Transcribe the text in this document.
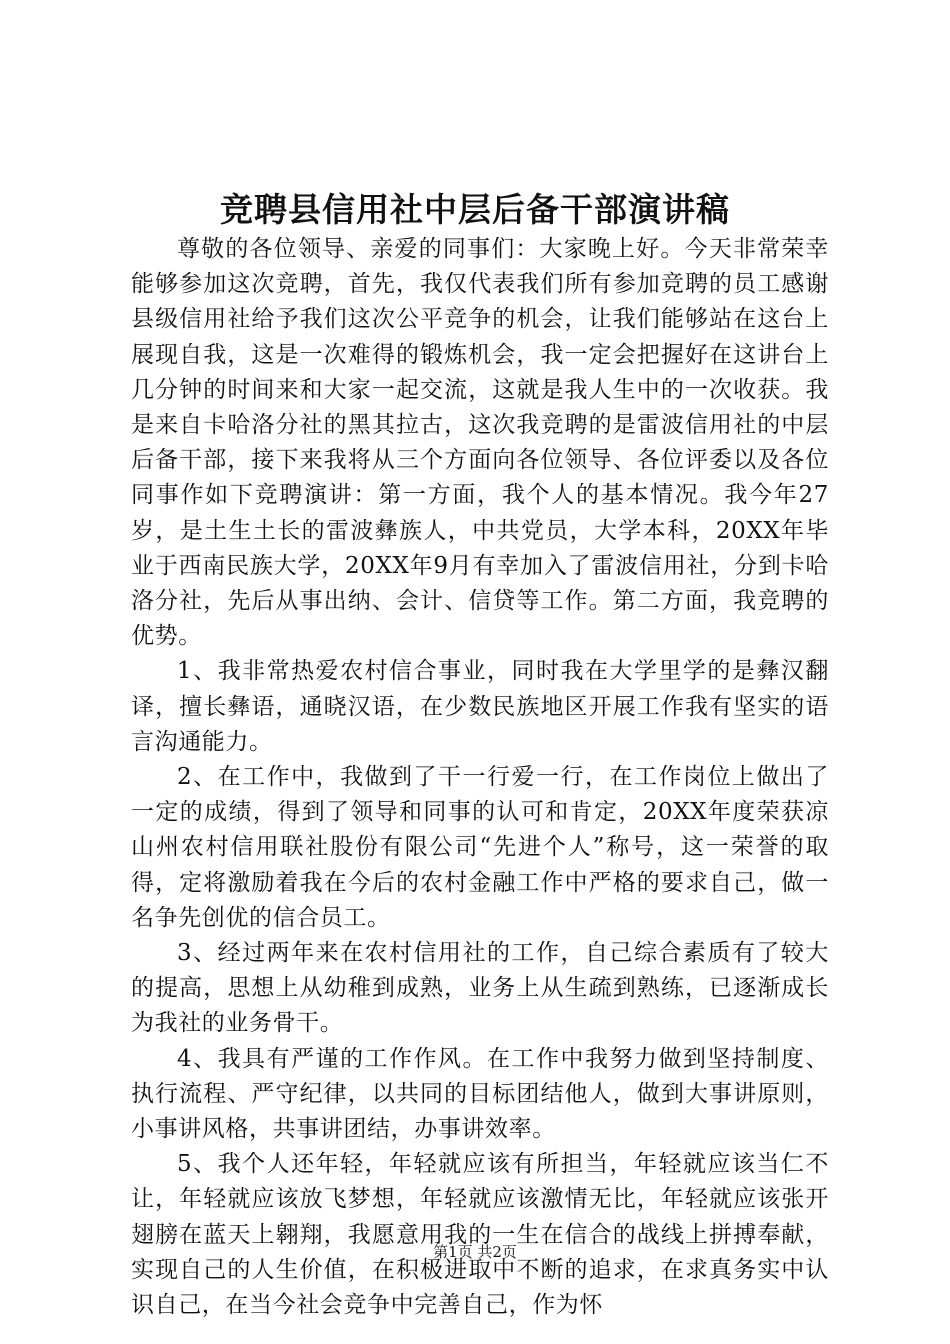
竞聘县信用社中层后备干部演讲稿

尊敬的各位领导、亲爱的同事们：大家晚上好。今天非常荣幸能够参加这次竞聘，首先，我仅代表我们所有参加竞聘的员工感谢县级信用社给予我们这次公平竞争的机会，让我们能够站在这台上展现自我，这是一次难得的锻炼机会，我一定会把握好在这讲台上几分钟的时间来和大家一起交流，这就是我人生中的一次收获。我是来自卡哈洛分社的黑其拉古，这次我竞聘的是雷波信用社的中层后备干部，接下来我将从三个方面向各位领导、各位评委以及各位同事作如下竞聘演讲：第一方面，我个人的基本情况。我今年27岁，是土生土长的雷波彝族人，中共党员，大学本科，20XX年毕业于西南民族大学，20XX年9月有幸加入了雷波信用社，分到卡哈洛分社，先后从事出纳、会计、信贷等工作。第二方面，我竞聘的优势。

1、我非常热爱农村信合事业，同时我在大学里学的是彝汉翻译，擅长彝语，通晓汉语，在少数民族地区开展工作我有坚实的语言沟通能力。

2、在工作中，我做到了干一行爱一行，在工作岗位上做出了一定的成绩，得到了领导和同事的认可和肯定，20XX年度荣获凉山州农村信用联社股份有限公司“先进个人”称号，这一荣誉的取得，定将激励着我在今后的农村金融工作中严格的要求自己，做一名争先创优的信合员工。

3、经过两年来在农村信用社的工作，自己综合素质有了较大的提高，思想上从幼稚到成熟，业务上从生疏到熟练，已逐渐成长为我社的业务骨干。

4、我具有严谨的工作作风。在工作中我努力做到坚持制度、执行流程、严守纪律，以共同的目标团结他人，做到大事讲原则，小事讲风格，共事讲团结，办事讲效率。

5、我个人还年轻，年轻就应该有所担当，年轻就应该当仁不让，年轻就应该放飞梦想，年轻就应该激情无比，年轻就应该张开翅膀在蓝天上翱翔，我愿意用我的一生在信合的战线上拼搏奉献，实现自己的人生价值，在积极进取中不断的追求，在求真务实中认识自己，在当今社会竞争中完善自己，作为怀

第1页 共2页
